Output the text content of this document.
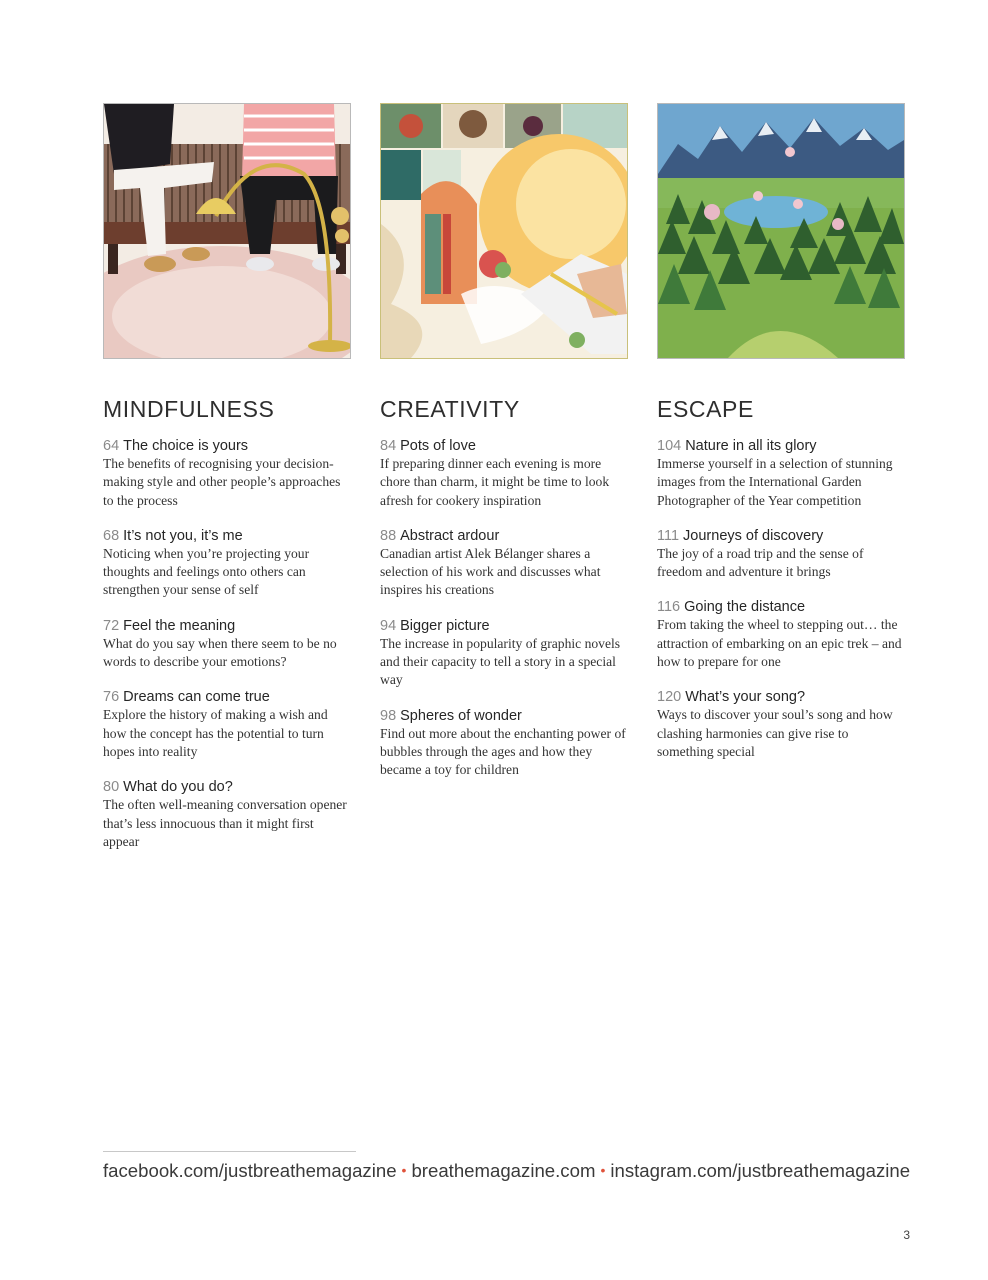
MINDFULNESS
64 The choice is yours
The benefits of recognising your decision-making style and other people’s approaches to the process
68 It’s not you, it’s me
Noticing when you’re projecting your thoughts and feelings onto others can strengthen your sense of self
72 Feel the meaning
What do you say when there seem to be no words to describe your emotions?
76 Dreams can come true
Explore the history of making a wish and how the concept has the potential to turn hopes into reality
80 What do you do?
The often well-meaning conversation opener that’s less innocuous than it might first appear
CREATIVITY
84 Pots of love
If preparing dinner each evening is more chore than charm, it might be time to look afresh for cookery inspiration
88 Abstract ardour
Canadian artist Alek Bélanger shares a selection of his work and discusses what inspires his creations
94 Bigger picture
The increase in popularity of graphic novels and their capacity to tell a story in a special way
98 Spheres of wonder
Find out more about the enchanting power of bubbles through the ages and how they became a toy for children
ESCAPE
104 Nature in all its glory
Immerse yourself in a selection of stunning images from the International Garden Photographer of the Year competition
111 Journeys of discovery
The joy of a road trip and the sense of freedom and adventure it brings
116 Going the distance
From taking the wheel to stepping out… the attraction of embarking on an epic trek – and how to prepare for one
120 What’s your song?
Ways to discover your soul’s song and how clashing harmonies can give rise to something special
facebook.com/justbreathemagazine • breathemagazine.com • instagram.com/justbreathemagazine
3
